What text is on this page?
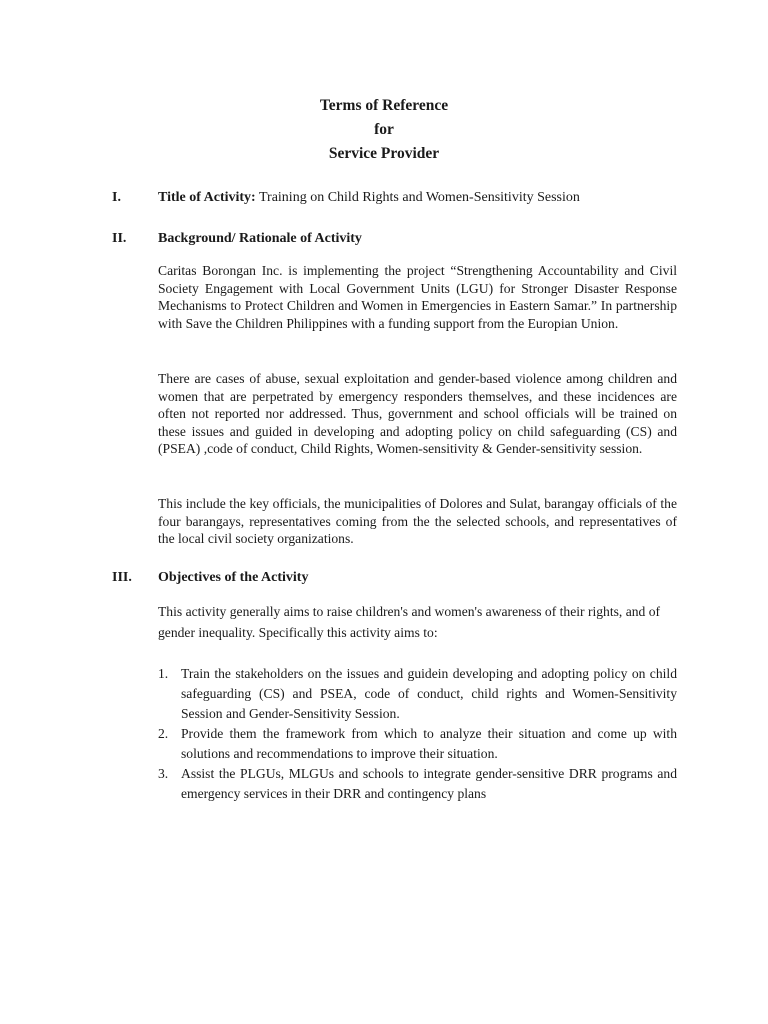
Terms of Reference
for
Service Provider
I.	Title of Activity: Training on Child Rights and Women-Sensitivity Session
II. Background/ Rationale of Activity

Caritas Borongan Inc. is implementing the project “Strengthening Accountability and Civil Society Engagement with Local Government Units (LGU) for Stronger Disaster Response Mechanisms to Protect Children and Women in Emergencies in Eastern Samar.” In partnership with Save the Children Philippines with a funding support from the Europian Union.

There are cases of abuse, sexual exploitation and gender-based violence among children and women that are perpetrated by emergency responders themselves, and these incidences are often not reported nor addressed. Thus, government and school officials will be trained on these issues and guided in developing and adopting policy on child safeguarding (CS) and (PSEA) ,code of conduct, Child Rights, Women-sensitivity & Gender-sensitivity session.

This include the key officials, the municipalities of Dolores and Sulat, barangay officials of the four barangays, representatives coming from the the selected schools, and representatives of the local civil society organizations.

III. Objectives of the Activity

This activity generally aims to raise children's and women's awareness of their rights, and of gender inequality. Specifically this activity aims to:

1. Train the stakeholders on the issues and guidein developing and adopting policy on child safeguarding (CS) and PSEA, code of conduct, child rights and Women-Sensitivity Session and Gender-Sensitivity Session.
2. Provide them the framework from which to analyze their situation and come up with solutions and recommendations to improve their situation.
3. Assist the PLGUs, MLGUs and schools to integrate gender-sensitive DRR programs and emergency services in their DRR and contingency plans
